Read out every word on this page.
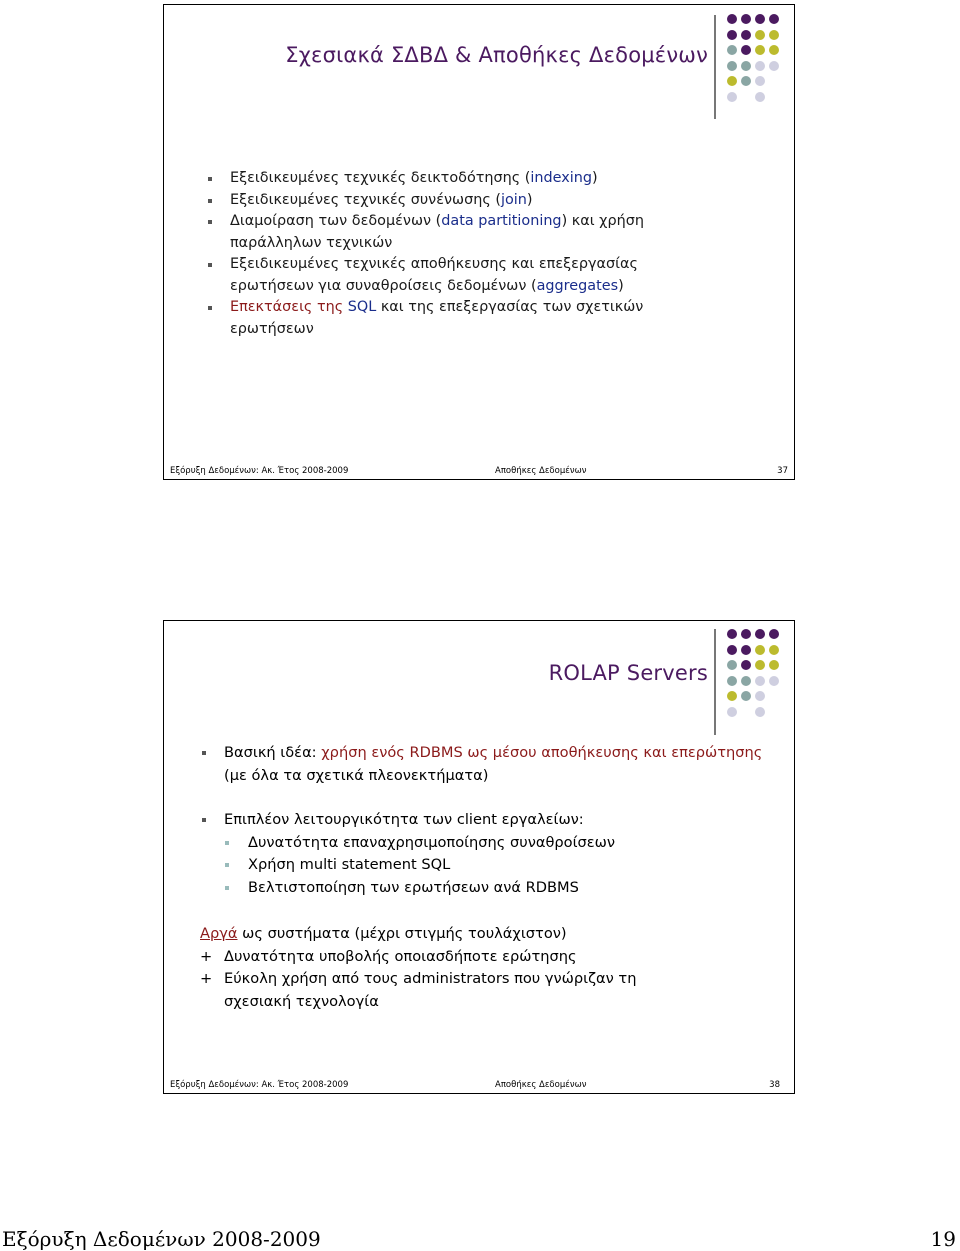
Σχεσιακά ΣΔΒΔ & Αποθήκες Δεδομένων
Εξειδικευμένες τεχνικές δεικτοδότησης (indexing)
Εξειδικευμένες τεχνικές συνένωσης (join)
Διαμοίραση των δεδομένων (data partitioning) και χρήση παράλληλων τεχνικών
Εξειδικευμένες τεχνικές αποθήκευσης και επεξεργασίας ερωτήσεων για συναθροίσεις δεδομένων (aggregates)
Επεκτάσεις της SQL και της επεξεργασίας των σχετικών ερωτήσεων
Εξόρυξη Δεδομένων: Ακ. Έτος 2008-2009	Αποθήκες Δεδομένων	37
ROLAP Servers
Βασική ιδέα: χρήση ενός RDBMS ως μέσου αποθήκευσης και επερώτησης
(με όλα τα σχετικά πλεονεκτήματα)
Επιπλέον λειτουργικότητα των client εργαλείων:
Δυνατότητα επαναχρησιμοποίησης συναθροίσεων
Χρήση multi statement SQL
Βελτιστοποίηση των ερωτήσεων ανά RDBMS
Αργά ως συστήματα (μέχρι στιγμής τουλάχιστον)
+ Δυνατότητα υποβολής οποιασδήποτε ερώτησης
+ Εύκολη χρήση από τους administrators που γνώριζαν τη σχεσιακή τεχνολογία
Εξόρυξη Δεδομένων: Ακ. Έτος 2008-2009	Αποθήκες Δεδομένων	38
Εξόρυξη Δεδομένων 2008-2009	19
